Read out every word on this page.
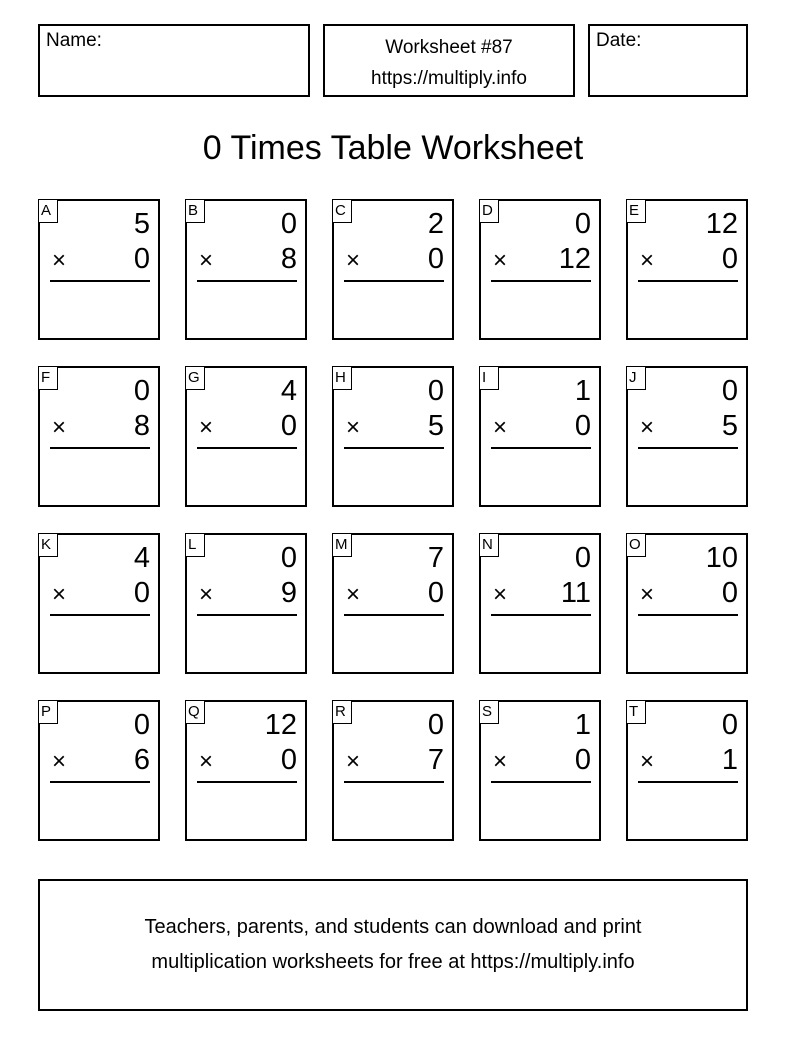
Name:	Worksheet #87
https://multiply.info
Date:
0 Times Table Worksheet
A	5
× 0
B	0
× 8
C	2
× 0
D	0
× 12
E 12
× 0
F	0
× 8
G	4
× 0
H	0
× 5
I	1
× 0
J	0
× 5
K	4
× 0
L	0
× 9
M	7
× 0
N	0
× 11
O 10
× 0
P	0
× 6
Q 12
× 0
R	0
× 7
S	1
× 0
T	0
× 1
Teachers, parents, and students can download and print
multiplication worksheets for free at https://multiply.info
